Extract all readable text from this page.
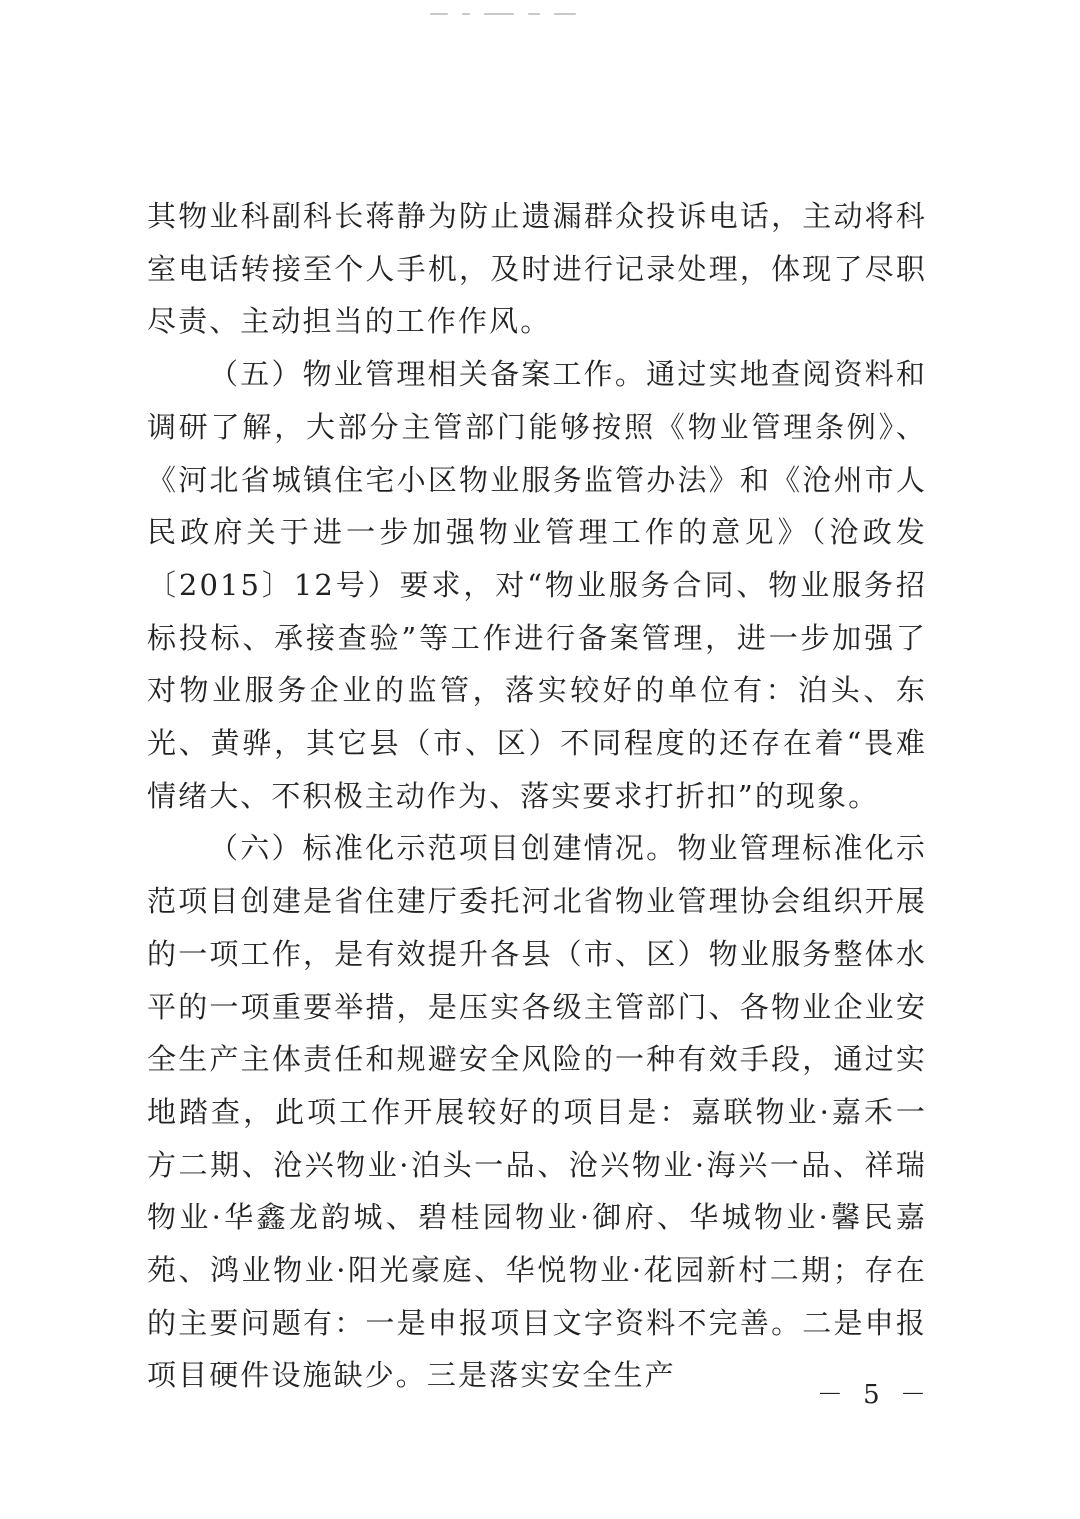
其物业科副科长蒋静为防止遗漏群众投诉电话，主动将科室电话转接至个人手机，及时进行记录处理，体现了尽职尽责、主动担当的工作作风。

（五）物业管理相关备案工作。通过实地查阅资料和调研了解，大部分主管部门能够按照《物业管理条例》、《河北省城镇住宅小区物业服务监管办法》和《沧州市人民政府关于进一步加强物业管理工作的意见》（沧政发〔2015〕12号）要求，对“物业服务合同、物业服务招标投标、承接查验”等工作进行备案管理，进一步加强了对物业服务企业的监管，落实较好的单位有：泊头、东光、黄骅，其它县（市、区）不同程度的还存在着“畏难情绪大、不积极主动作为、落实要求打折扣”的现象。

（六）标准化示范项目创建情况。物业管理标准化示范项目创建是省住建厅委托河北省物业管理协会组织开展的一项工作，是有效提升各县（市、区）物业服务整体水平的一项重要举措，是压实各级主管部门、各物业企业安全生产主体责任和规避安全风险的一种有效手段，通过实地踏查，此项工作开展较好的项目是：嘉联物业·嘉禾一方二期、沧兴物业·泊头一品、沧兴物业·海兴一品、祥瑞物业·华鑫龙韵城、碧桂园物业·御府、华城物业·馨民嘉苑、鸿业物业·阳光豪庭、华悦物业·花园新村二期；存在的主要问题有：一是申报项目文字资料不完善。二是申报项目硬件设施缺少。三是落实安全生产

－ 5 －
